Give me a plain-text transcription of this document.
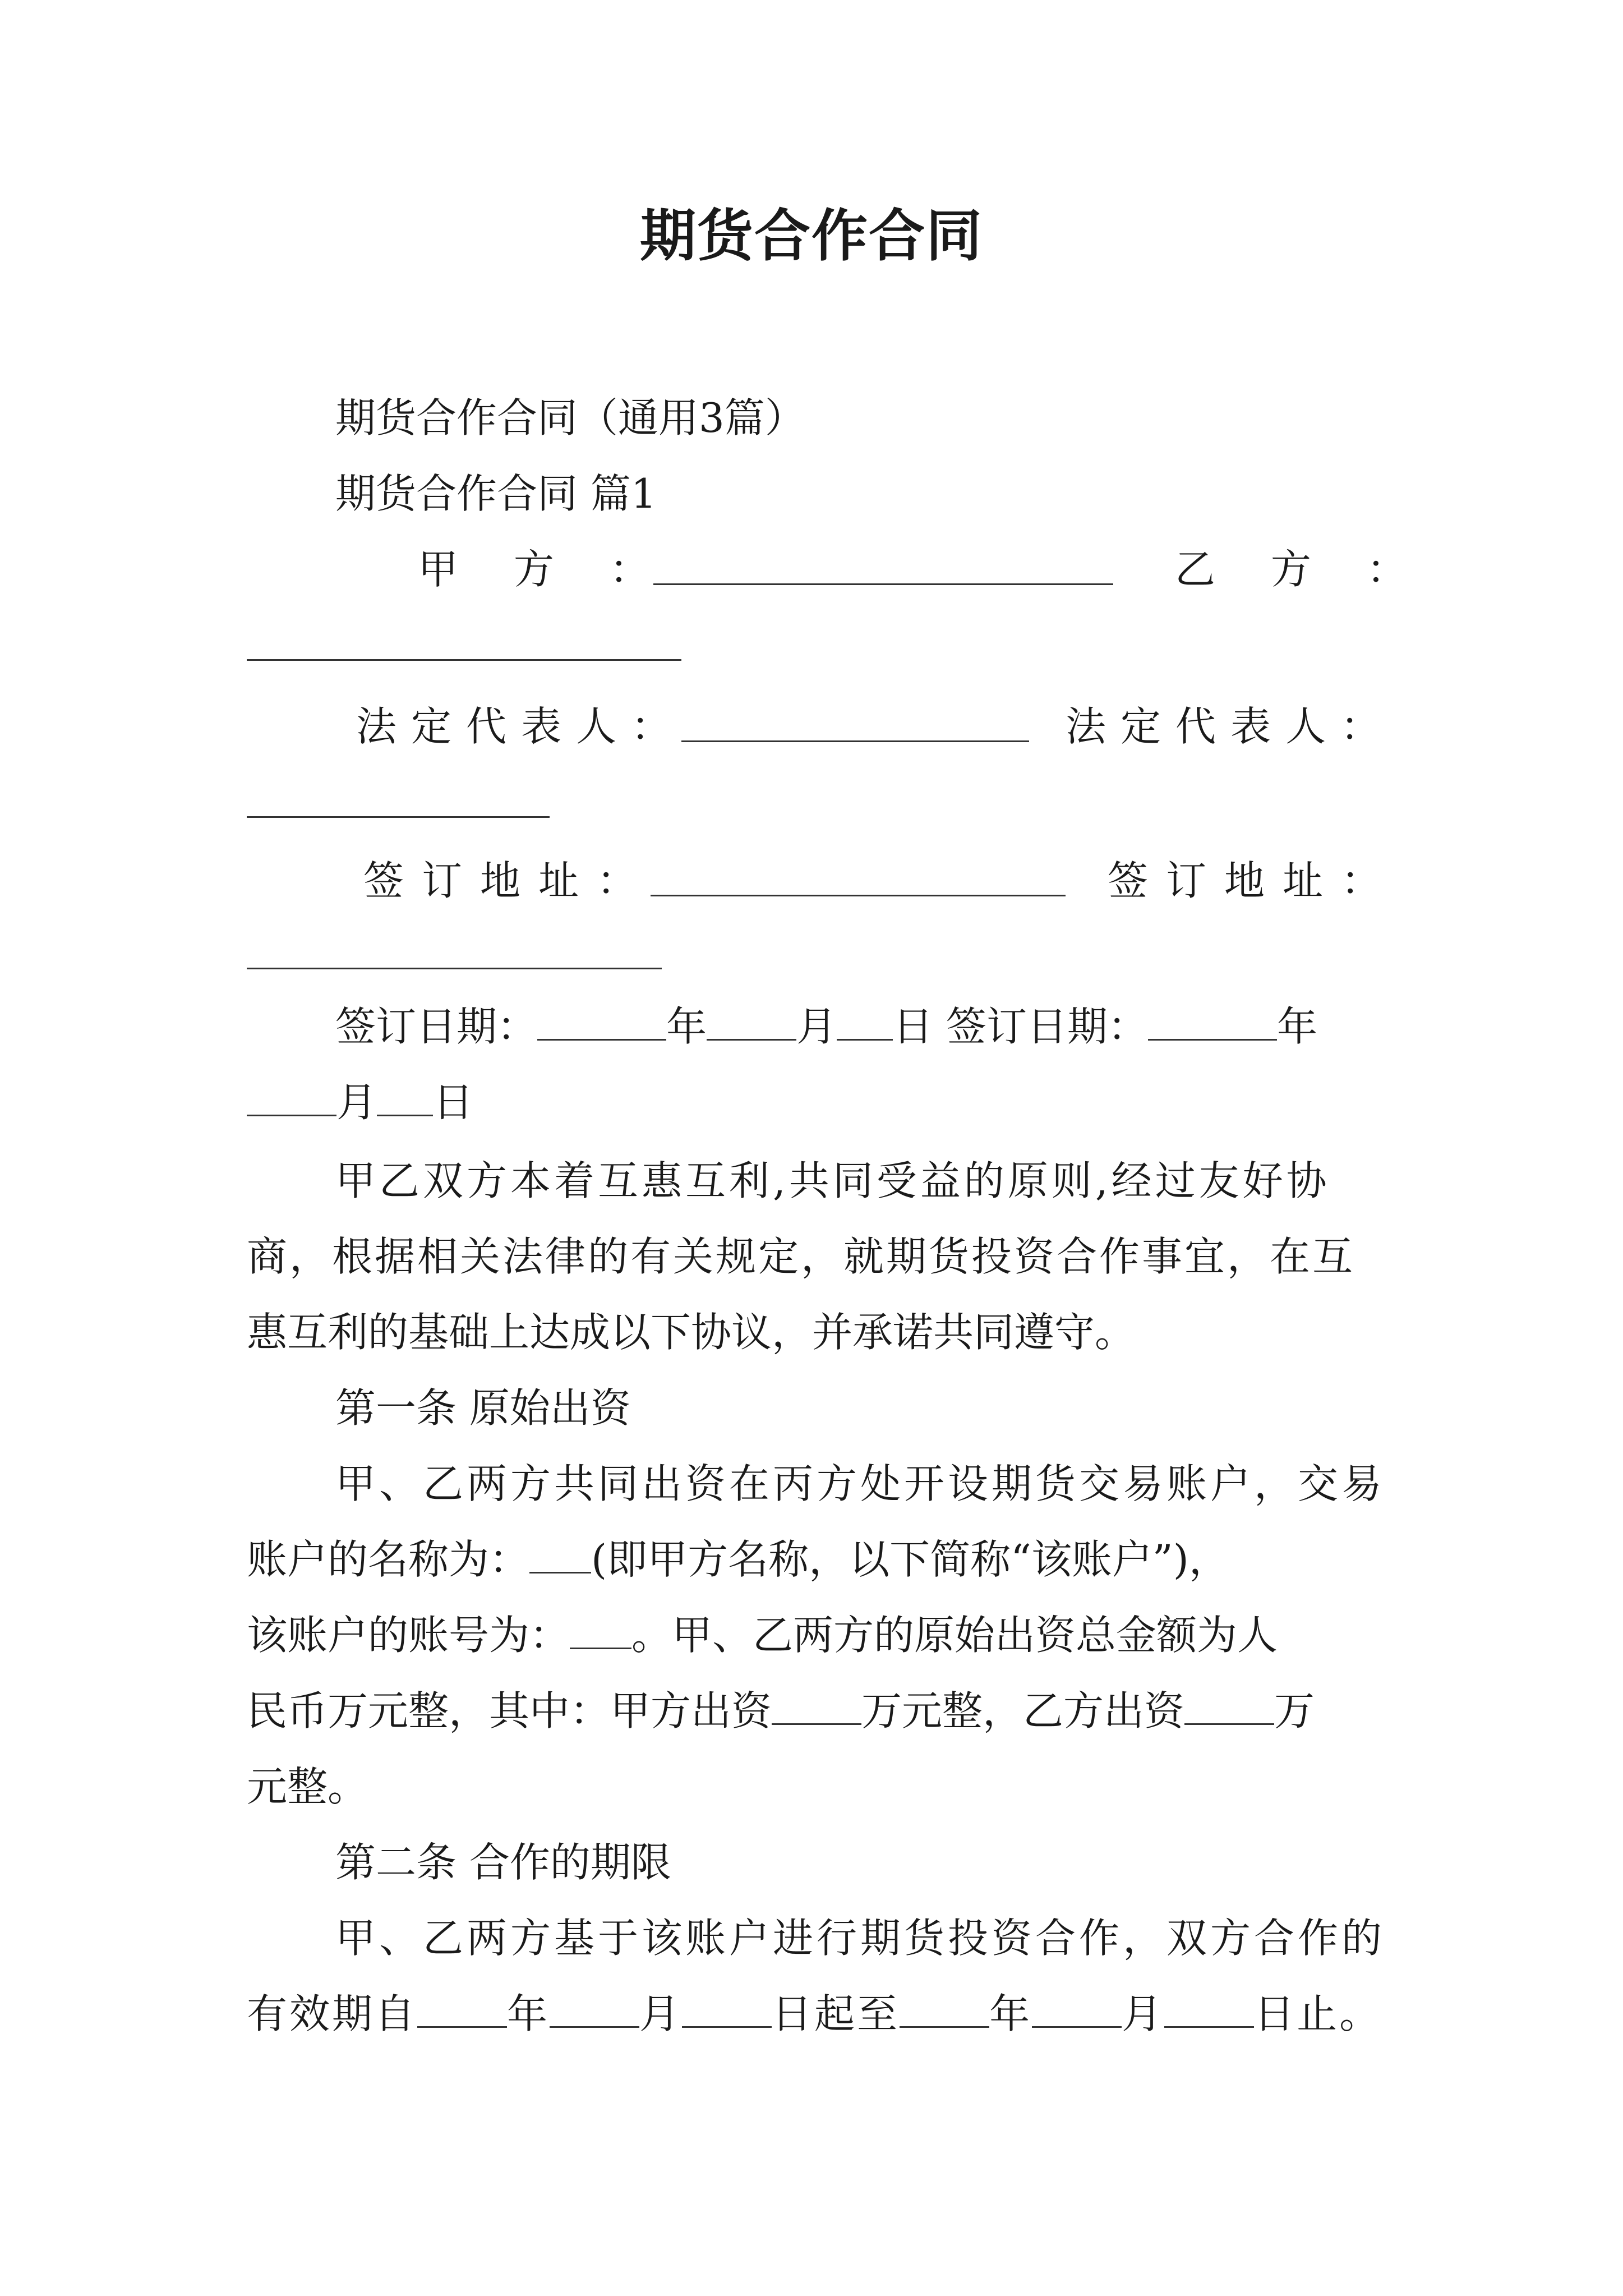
期货合作合同
期货合作合同（通用3篇）
期货合作合同 篇1
甲 方 ：	乙 方 ：
法定代表人：	法定代表人：
签订地址：	签订地址：
签订日期：	年 月 日 签订日期：	年
月 日
甲乙双方本着互惠互利,共同受益的原则,经过友好协
商，根据相关法律的有关规定，就期货投资合作事宜，在互
惠互利的基础上达成以下协议，并承诺共同遵守。
第一条 原始出资
甲、乙两方共同出资在丙方处开设期货交易账户，交易
账户的名称为： (即甲方名称，以下简称“该账户”)，
该账户的账号为： 。甲、乙两方的原始出资总金额为人
民币万元整，其中：甲方出资 万元整，乙方出资 万
元整。
第二条 合作的期限
甲、乙两方基于该账户进行期货投资合作，双方合作的
有效期自 年 月 日起至 年 月 日止。
